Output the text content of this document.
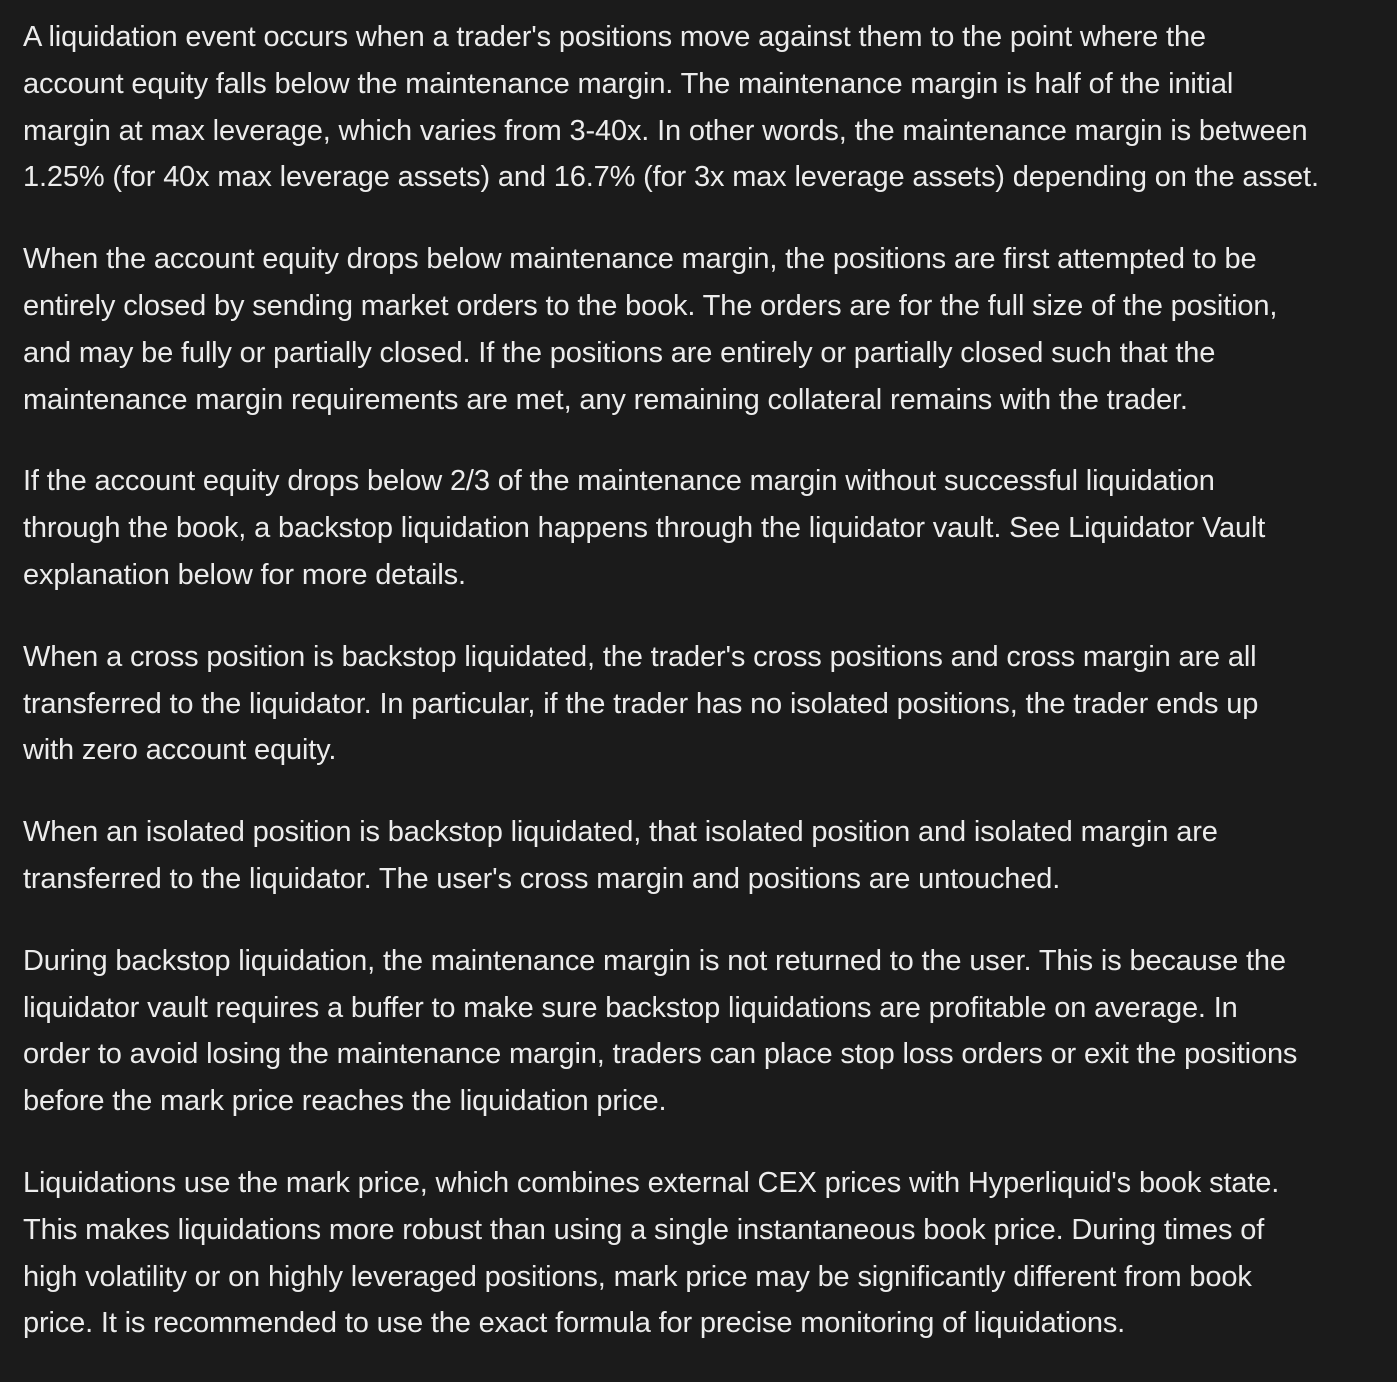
A liquidation event occurs when a trader's positions move against them to the point where the
account equity falls below the maintenance margin. The maintenance margin is half of the initial
margin at max leverage, which varies from 3-40x. In other words, the maintenance margin is between
1.25% (for 40x max leverage assets) and 16.7% (for 3x max leverage assets) depending on the asset.

When the account equity drops below maintenance margin, the positions are first attempted to be
entirely closed by sending market orders to the book. The orders are for the full size of the position,
and may be fully or partially closed. If the positions are entirely or partially closed such that the
maintenance margin requirements are met, any remaining collateral remains with the trader.

If the account equity drops below 2/3 of the maintenance margin without successful liquidation
through the book, a backstop liquidation happens through the liquidator vault. See Liquidator Vault
explanation below for more details.

When a cross position is backstop liquidated, the trader's cross positions and cross margin are all
transferred to the liquidator. In particular, if the trader has no isolated positions, the trader ends up
with zero account equity.

When an isolated position is backstop liquidated, that isolated position and isolated margin are
transferred to the liquidator. The user's cross margin and positions are untouched.

During backstop liquidation, the maintenance margin is not returned to the user. This is because the
liquidator vault requires a buffer to make sure backstop liquidations are profitable on average. In
order to avoid losing the maintenance margin, traders can place stop loss orders or exit the positions
before the mark price reaches the liquidation price.

Liquidations use the mark price, which combines external CEX prices with Hyperliquid's book state.
This makes liquidations more robust than using a single instantaneous book price. During times of
high volatility or on highly leveraged positions, mark price may be significantly different from book
price. It is recommended to use the exact formula for precise monitoring of liquidations.
